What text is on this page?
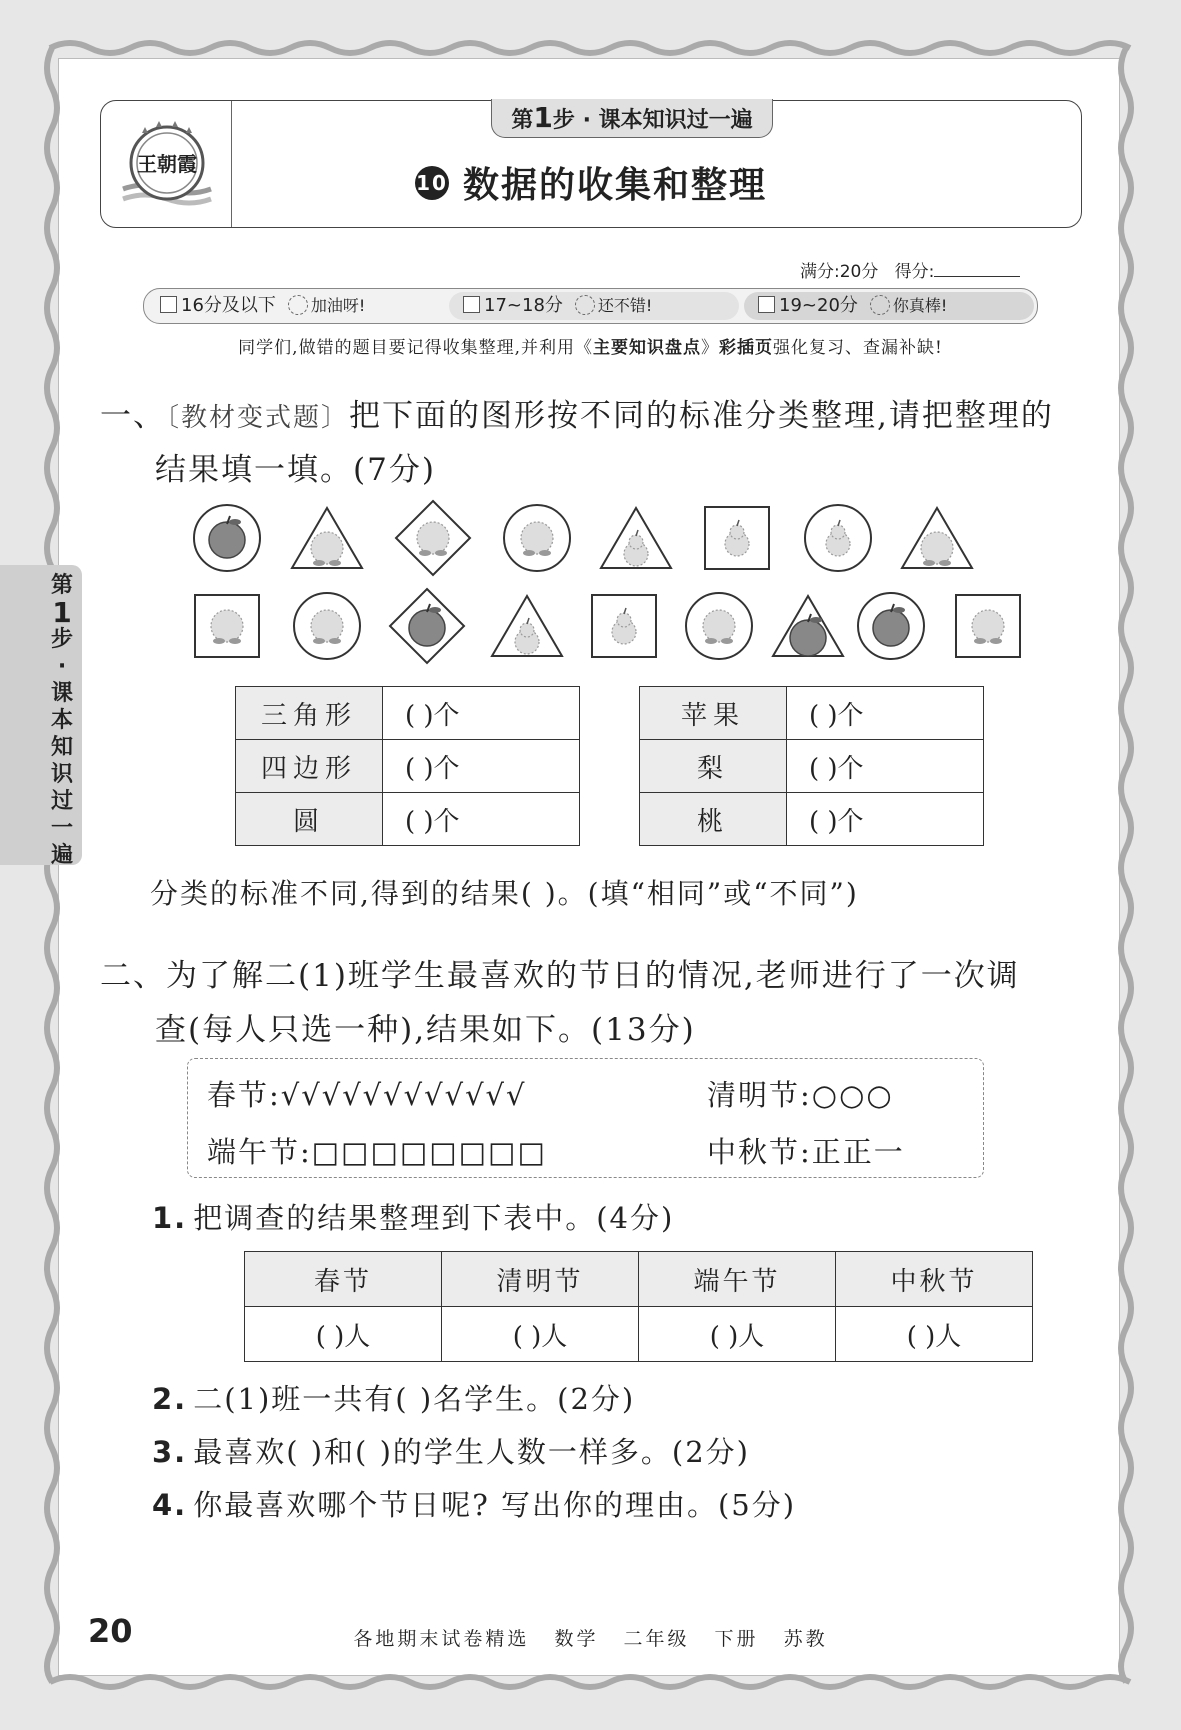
王朝霞
第1步 · 课本知识过一遍
10 数据的收集和整理
满分:20分 得分:
16分及以下 加油呀!	17~18分 还不错!	19~20分 你真棒!
同学们,做错的题目要记得收集整理,并利用《主要知识盘点》彩插页强化复习、查漏补缺!
第
1
步
·
课
本
知
识
过
一
遍
一、〔教材变式题〕把下面的图形按不同的标准分类整理,请把整理的
结果填一填。(7分)
三角形	( )个
四边形	( )个
圆	( )个
苹果	( )个
梨	( )个
桃	( )个
分类的标准不同,得到的结果( )。(填“相同”或“不同”)
二、为了解二(1)班学生最喜欢的节日的情况,老师进行了一次调
查(每人只选一种),结果如下。(13分)
春节:√√√√√√√√√√√√	清明节:○○○
端午节:□□□□□□□□	中秋节:正正一
1. 把调查的结果整理到下表中。(4分)
春节	清明节	端午节	中秋节
( )人	( )人	( )人	( )人
2. 二(1)班一共有( )名学生。(2分)
3. 最喜欢( )和( )的学生人数一样多。(2分)
4. 你最喜欢哪个节日呢? 写出你的理由。(5分)
20	各地期末试卷精选 数学 二年级 下册 苏教
